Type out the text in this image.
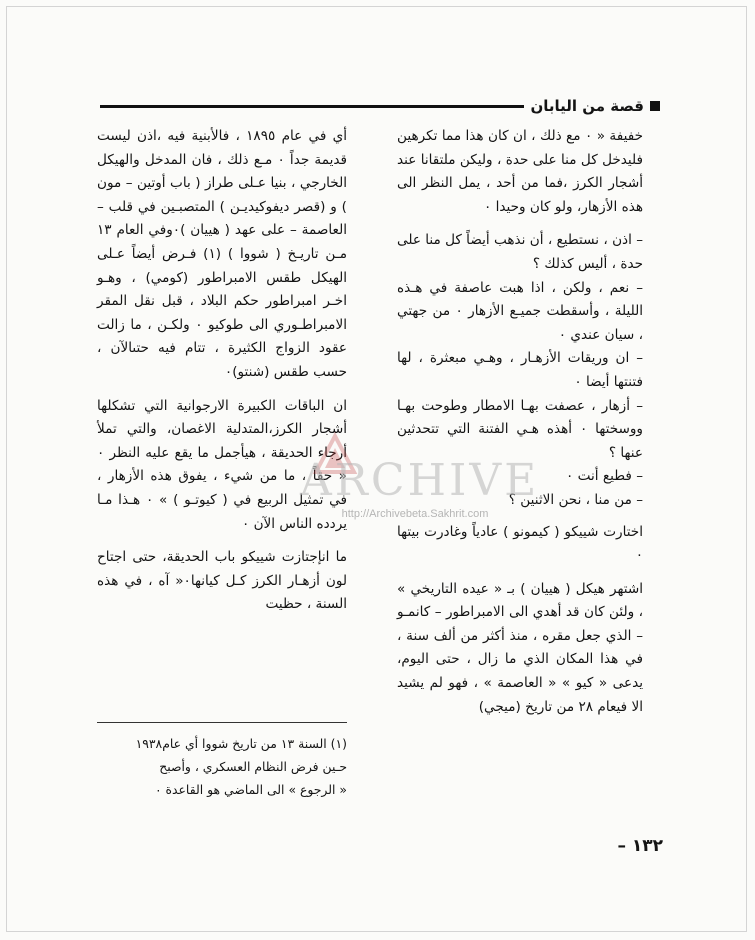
قصة من اليابان

خفيفة « ٠ مع ذلك ، ان كان هذا مما تكرهين فليدخل كل منا على حدة ، وليكن ملتقانا عند أشجار الكرز ،فما من أحد ، يمل النظر الى هذه الأزهار، ولو كان وحيدا ٠

– اذن ، نستطيع ، أن نذهب أيضاً كل منا على حدة ، أليس كذلك ؟

– نعم ، ولكن ، اذا هبت عاصفة في هـذه الليلة ، وأسقطت جميـع الأزهار ٠ من جهتي ، سيان عندي ٠

– ان وريقات الأزهـار ، وهـي مبعثرة ، لها فتنتها أيضا ٠

– أزهار ، عصفت بهـا الامطار وطوحت بهـا ووسختها ٠ أهذه هـي الفتنة التي تتحدثين عنها ؟

– فطيع أنت ٠

– من منا ، نحن الاثنين ؟

اختارت شييكو ( كيمونو ) عادياً وغادرت بيتها ٠

اشتهر هيكل ( هييان ) بـ « عيده التاريخي » ، ولئن كان قد أهدي الى الامبراطور – كانمـو – الذي جعل مقره ، منذ أكثر من ألف سنة ، في هذا المكان الذي ما زال ، حتى اليوم، يدعى « كيو » « العاصمة » ، فهو لم يشيد الا فيعام ٢٨ من تاريخ (ميجي)

أي في عام ١٨٩٥ ، فالأبنية فيه ،اذن ليست قديمة جداً ٠ مـع ذلك ، فان المدخل والهيكل الخارجي ، بنيا عـلى طراز ( باب أوتين – مون ) و (قصر ديفوكيديـن ) المتصبـين في قلب – العاصمة – على عهد ( هييان )٠وفي العام ١٣ مـن تاريـخ ( شووا ) (١) فـرض أيضاً عـلى الهيكل طقس الامبراطور (كومي) ، وهـو اخـر امبراطور حكم البلاد ، قبل نقل المقر الامبراطـوري الى طوكيو ٠ ولكـن ، ما زالت عقود الزواج الكثيرة ، تتام فيه حتىالآن ، حسب طقس (شنتو)٠

ان الباقات الكبيرة الارجوانية التي تشكلها أشجار الكرز،المتدلية الاغصان، والتي تملأ أرجاء الحديقة ، هيأجمل ما يقع عليه النظر ٠ « حقاً ، ما من شيء ، يفوق هذه الأزهار ، في تمثيل الربيع في ( كيوتـو ) » ٠ هـذا مـا يردده الناس الآن ٠

ما انإجتازت شييكو باب الحديقة، حتى اجتاح لون أزهـار الكرز كـل كيانها٠« آه ، في هذه السنة ، حظيت

(١) السنة ١٣ من تاريخ شووا أي عام١٩٣٨

حـين فرض النظام العسكري ، وأصبح

« الرجوع » الى الماضي هو القاعدة ٠

١٣٢ –
ARCHIVE
http://Archivebeta.Sakhrit.com
